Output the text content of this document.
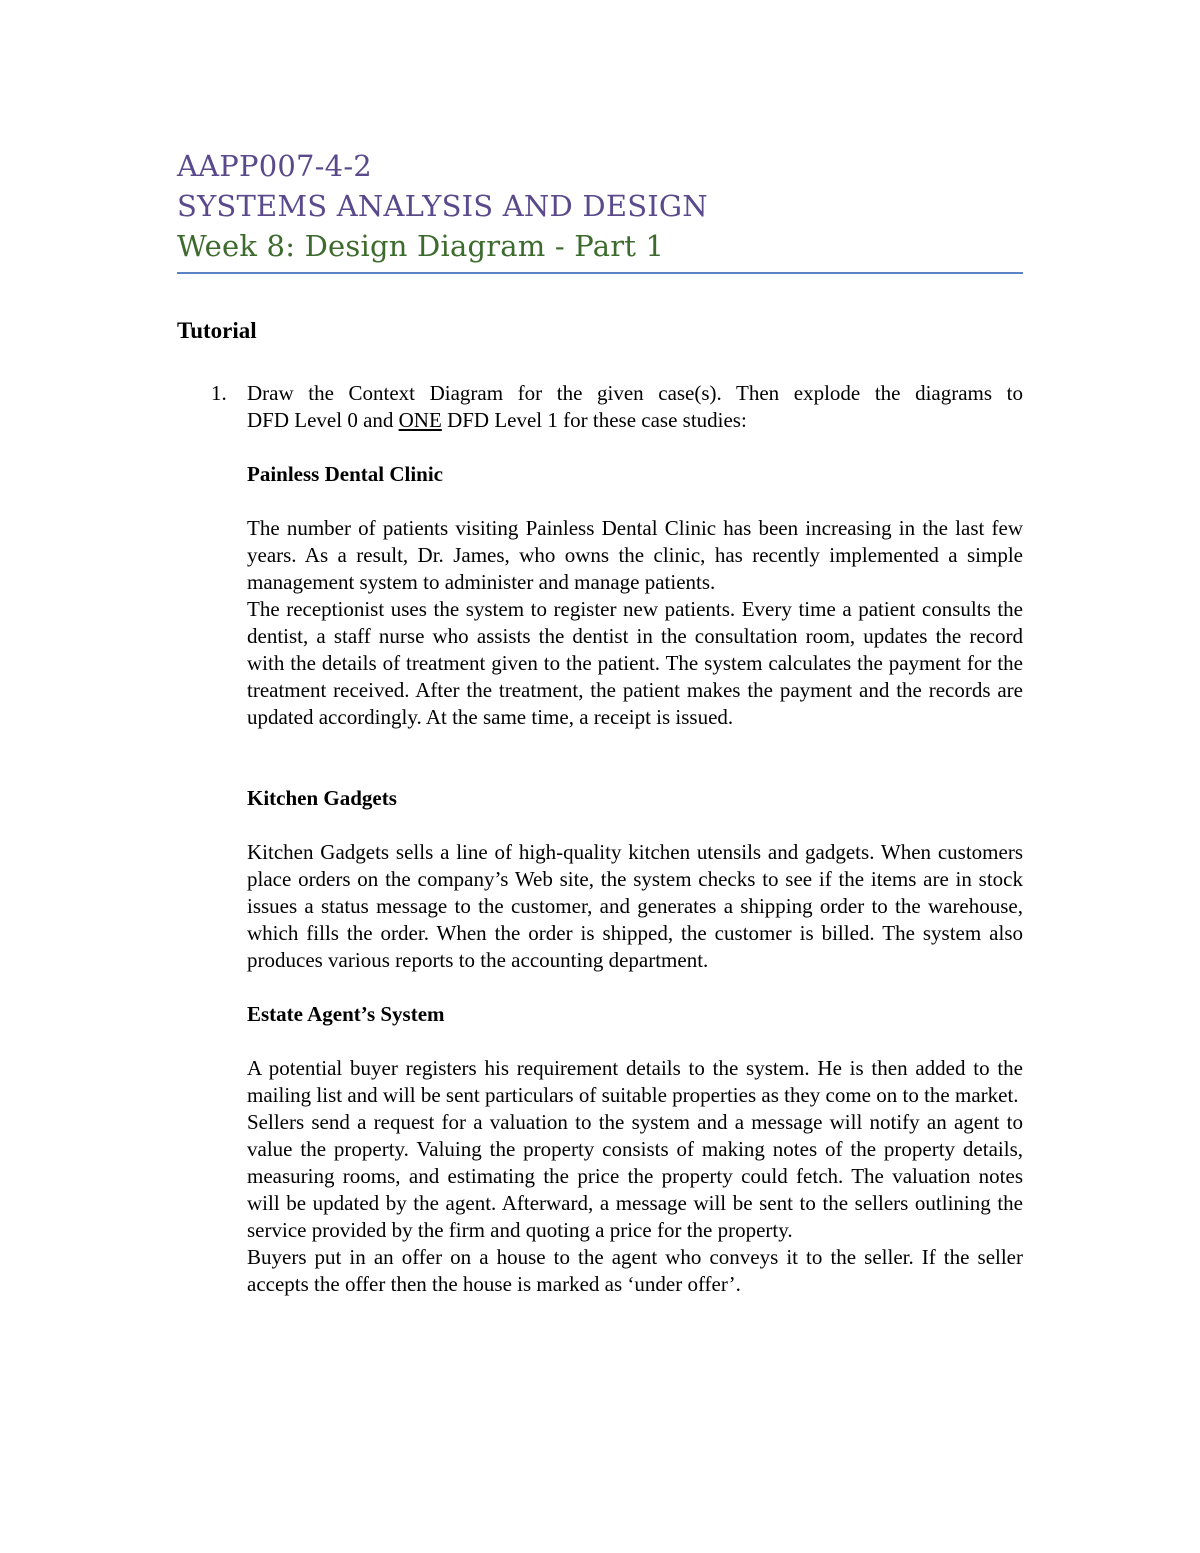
AAPP007-4-2
SYSTEMS ANALYSIS AND DESIGN
Week 8: Design Diagram - Part 1
Tutorial
1. Draw the Context Diagram for the given case(s). Then explode the diagrams to

DFD Level 0 and ONE DFD Level 1 for these case studies:

Painless Dental Clinic

The number of patients visiting Painless Dental Clinic has been increasing in the last few years. As a result, Dr. James, who owns the clinic, has recently implemented a simple management system to administer and manage patients.

The receptionist uses the system to register new patients. Every time a patient consults the dentist, a staff nurse who assists the dentist in the consultation room, updates the record with the details of treatment given to the patient. The system calculates the payment for the treatment received. After the treatment, the patient makes the payment and the records are updated accordingly. At the same time, a receipt is issued.

Kitchen Gadgets

Kitchen Gadgets sells a line of high-quality kitchen utensils and gadgets. When customers place orders on the company’s Web site, the system checks to see if the items are in stock issues a status message to the customer, and generates a shipping order to the warehouse, which fills the order. When the order is shipped, the customer is billed. The system also produces various reports to the accounting department.

Estate Agent’s System

A potential buyer registers his requirement details to the system. He is then added to the mailing list and will be sent particulars of suitable properties as they come on to the market.

Sellers send a request for a valuation to the system and a message will notify an agent to value the property. Valuing the property consists of making notes of the property details, measuring rooms, and estimating the price the property could fetch. The valuation notes will be updated by the agent. Afterward, a message will be sent to the sellers outlining the service provided by the firm and quoting a price for the property.

Buyers put in an offer on a house to the agent who conveys it to the seller. If the seller accepts the offer then the house is marked as ‘under offer’.
